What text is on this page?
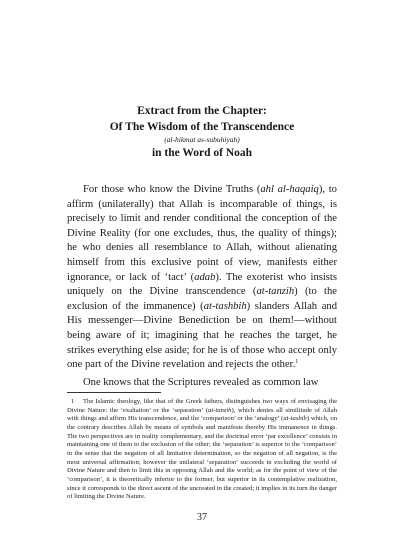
Extract from the Chapter:

Of The Wisdom of the Transcendence

(al-hikmat as-subuhiyah)

in the Word of Noah

For those who know the Divine Truths (ahl al-haqaiq), to affirm (unilaterally) that Allah is incomparable of things, is precisely to limit and render conditional the conception of the Divine Reality (for one excludes, thus, the quality of things); he who denies all resemblance to Allah, without alienating himself from this exclusive point of view, manifests either ignorance, or lack of ‘tact’ (adab). The exoterist who insists uniquely on the Divine transcendence (at-tanzih) (to the exclusion of the immanence) (at-tashbih) slanders Allah and His messenger—Divine Benediction be on them!—without being aware of it; imagining that he reaches the target, he strikes everything else aside; for he is of those who accept only one part of the Divine revelation and rejects the other.$^1$

One knows that the Scriptures revealed as common law

1 The Islamic theology, like that of the Greek fathers, distinguishes two ways of envisaging the Divine Nature: the ‘exaltation’ or the ‘separation’ (at-tanzih), which denies all similitude of Allah with things and affirm His transcendence, and the ‘comparison’ or the ‘analogy’ (at-tasbih) which, on the contrary describes Allah by means of symbols and manifests thereby His immanence in things. The two perspectives are in reality complementary, and the doctrinal error ‘par excellence’ consists in maintaining one of them to the exclusion of the other; the ‘separation’ is superior to the ‘comparison’ in the sense that the negation of all limitative determination, so the negation of all negation, is the most universal affirmation; however the unilateral ‘separation’ succeeds in excluding the world of Divine Nature and then to limit this in opposing Allah and the world; as for the point of view of the ‘comparison’, it is theoretically inferior to the former, but superior in its contemplative realization, since it corresponds to the direct ascent of the uncreated in the created; it implies in its turn the danger of limiting the Divine Nature.

37
